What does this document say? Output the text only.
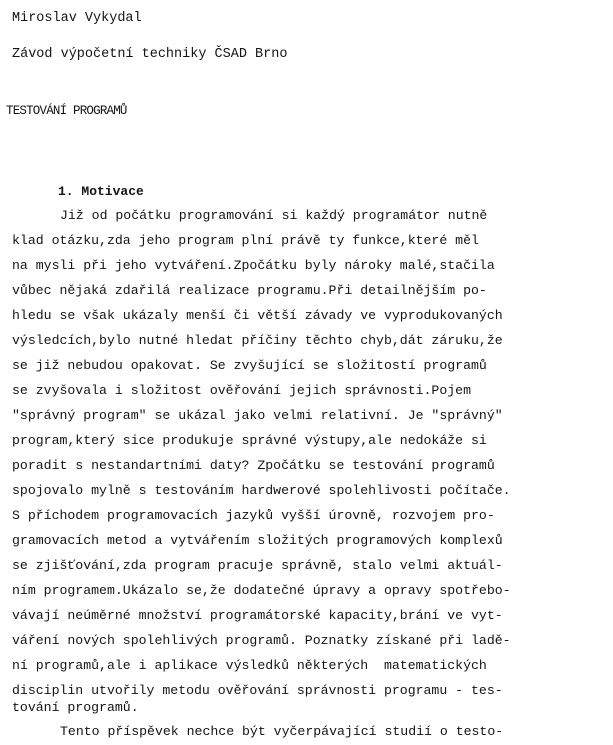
Miroslav Vykydal
Závod výpočetní techniky ČSAD Brno
TESTOVÁNÍ PROGRAMŮ
1. Motivace
Již od počátku programování si každý programátor nutně
klad otázku,zda jeho program plní právě ty funkce,které měl
na mysli při jeho vytváření.Zpočátku byly nároky malé,stačila
vůbec nějaká zdařilá realizace programu.Při detailnějším po-
hledu se však ukázaly menší či větší závady ve vyprodukovaných
výsledcích,bylo nutné hledat příčiny těchto chyb,dát záruku,že
se již nebudou opakovat. Se zvyšující se složitostí programů
se zvyšovala i složitost ověřování jejich správnosti.Pojem
"správný program" se ukázal jako velmi relativní. Je "správný"
program,který sice produkuje správné výstupy,ale nedokáže si
poradit s nestandartními daty? Zpočátku se testování programů
spojovalo mylně s testováním hardwerové spolehlivosti počítače.
S příchodem programovacích jazyků vyšší úrovně, rozvojem pro-
gramovacích metod a vytvářením složitých programových komplexů
se zjišťování,zda program pracuje správně, stalo velmi aktuál-
ním programem.Ukázalo se,že dodatečné úpravy a opravy spotřebo-
vávají neúměrné množství programátorské kapacity,brání ve vyt-
váření nových spolehlivých programů. Poznatky získané při ladě-
ní programů,ale i aplikace výsledků některých  matematických
disciplin utvořily metodu ověřování správnosti programu - tes-
tování programů.
Tento příspěvek nechce být vyčerpávající studií o testo-
